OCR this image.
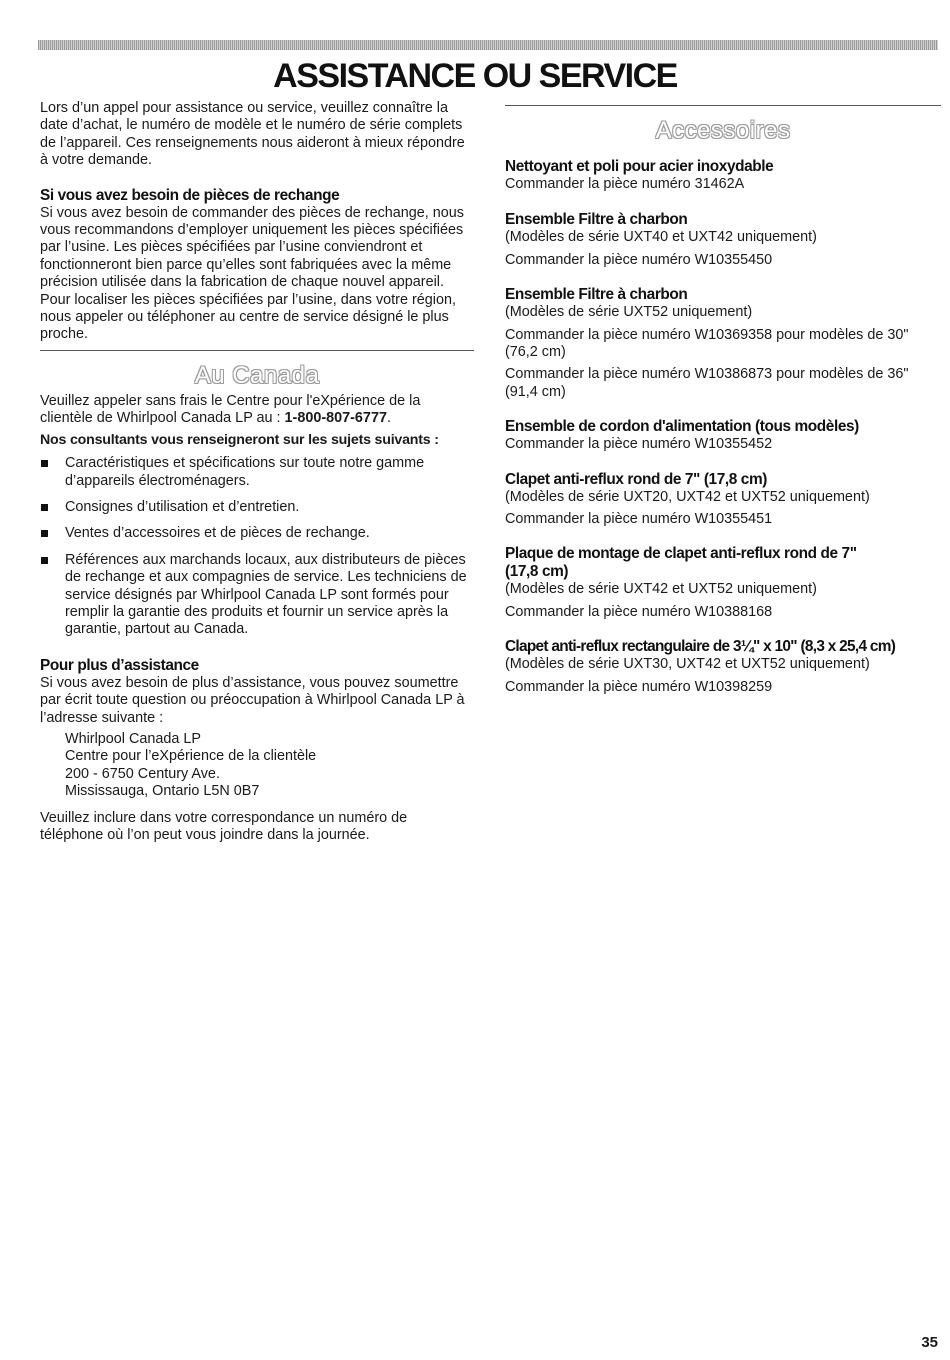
ASSISTANCE OU SERVICE

Lors d’un appel pour assistance ou service, veuillez connaître la date d’achat, le numéro de modèle et le numéro de série complets de l’appareil. Ces renseignements nous aideront à mieux répondre à votre demande.

Si vous avez besoin de pièces de rechange

Si vous avez besoin de commander des pièces de rechange, nous vous recommandons d’employer uniquement les pièces spécifiées par l’usine. Les pièces spécifiées par l’usine conviendront et fonctionneront bien parce qu’elles sont fabriquées avec la même précision utilisée dans la fabrication de chaque nouvel appareil. Pour localiser les pièces spécifiées par l’usine, dans votre région, nous appeler ou téléphoner au centre de service désigné le plus proche.

Au Canada

Veuillez appeler sans frais le Centre pour l'eXpérience de la clientèle de Whirlpool Canada LP au : 1-800-807-6777.

Nos consultants vous renseigneront sur les sujets suivants :

Caractéristiques et spécifications sur toute notre gamme d’appareils électroménagers.
Consignes d’utilisation et d’entretien.
Ventes d’accessoires et de pièces de rechange.
Références aux marchands locaux, aux distributeurs de pièces de rechange et aux compagnies de service. Les techniciens de service désignés par Whirlpool Canada LP sont formés pour remplir la garantie des produits et fournir un service après la garantie, partout au Canada.
Pour plus d’assistance

Si vous avez besoin de plus d’assistance, vous pouvez soumettre par écrit toute question ou préoccupation à Whirlpool Canada LP à l’adresse suivante :

Whirlpool Canada LP

Centre pour l’eXpérience de la clientèle

200 - 6750 Century Ave.

Mississauga, Ontario L5N 0B7

Veuillez inclure dans votre correspondance un numéro de téléphone où l’on peut vous joindre dans la journée.

Accessoires
Nettoyant et poli pour acier inoxydable

Commander la pièce numéro 31462A

Ensemble Filtre à charbon

(Modèles de série UXT40 et UXT42 uniquement)

Commander la pièce numéro W10355450

Ensemble Filtre à charbon

(Modèles de série UXT52 uniquement)

Commander la pièce numéro W10369358 pour modèles de 30" (76,2 cm)

Commander la pièce numéro W10386873 pour modèles de 36" (91,4 cm)

Ensemble de cordon d'alimentation (tous modèles)

Commander la pièce numéro W10355452

Clapet anti-reflux rond de 7" (17,8 cm)

(Modèles de série UXT20, UXT42 et UXT52 uniquement)

Commander la pièce numéro W10355451

Plaque de montage de clapet anti-reflux rond de 7" (17,8 cm)

(Modèles de série UXT42 et UXT52 uniquement)

Commander la pièce numéro W10388168

Clapet anti-reflux rectangulaire de 3¼" x 10" (8,3 x 25,4 cm)

(Modèles de série UXT30, UXT42 et UXT52 uniquement)

Commander la pièce numéro W10398259

35
